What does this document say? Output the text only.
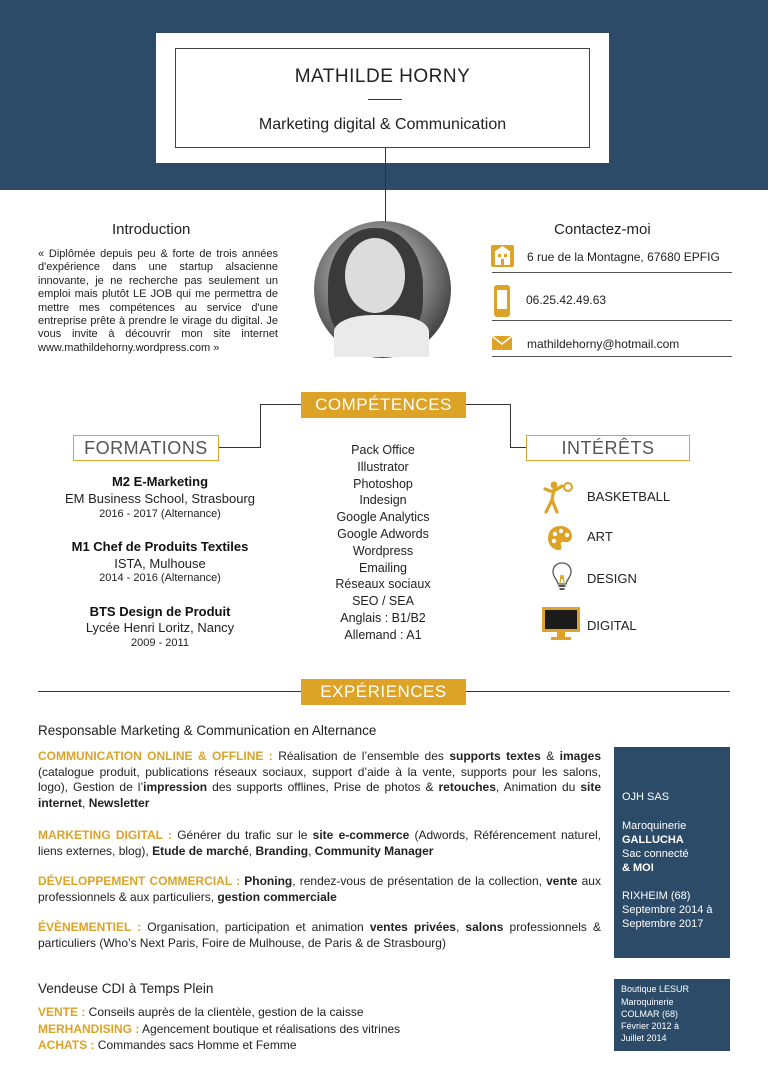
MATHILDE HORNY
Marketing digital & Communication
Introduction
« Diplômée depuis peu & forte de trois années d'expérience dans une startup alsacienne innovante, je ne recherche pas seulement un emploi mais plutôt LE JOB qui me permettra de mettre mes compétences au service d'une entreprise prête à prendre le virage du digital. Je vous invite à découvrir mon site internet www.mathildehorny.wordpress.com »
Contactez-moi
6 rue de la Montagne, 67680 EPFIG
06.25.42.49.63
mathildehorny@hotmail.com
COMPÉTENCES
Pack Office
Illustrator
Photoshop
Indesign
Google Analytics
Google Adwords
Wordpress
Emailing
Réseaux sociaux
SEO / SEA
Anglais : B1/B2
Allemand : A1
FORMATIONS
M2 E-Marketing
EM Business School, Strasbourg
2016 - 2017 (Alternance)
M1 Chef de Produits Textiles
ISTA, Mulhouse
2014 - 2016 (Alternance)
BTS Design de Produit
Lycée Henri Loritz, Nancy
2009 - 2011
INTÉRÊTS
BASKETBALL
ART
DESIGN
DIGITAL
EXPÉRIENCES
Responsable Marketing & Communication en Alternance
COMMUNICATION ONLINE & OFFLINE : Réalisation de l’ensemble des supports textes & images (catalogue produit, publications réseaux sociaux, support d’aide à la vente, supports pour les salons, logo), Gestion de l’impression des supports offlines, Prise de photos & retouches, Animation du site internet, Newsletter
MARKETING DIGITAL : Générer du trafic sur le site e-commerce (Adwords, Référencement naturel, liens externes, blog), Etude de marché, Branding, Community Manager
DÉVELOPPEMENT COMMERCIAL : Phoning, rendez-vous de présentation de la collection, vente aux professionnels & aux particuliers, gestion commerciale
ÉVÈNEMENTIEL : Organisation, participation et animation ventes privées, salons professionnels & particuliers (Who’s Next Paris, Foire de Mulhouse, de Paris & de Strasbourg)
OJH SAS
Maroquinerie
GALLUCHA
Sac connecté
& MOI
RIXHEIM (68)
Septembre 2014 à
Septembre 2017
Vendeuse CDI à Temps Plein
VENTE : Conseils auprès de la clientèle, gestion de la caisse
MERHANDISING : Agencement boutique et réalisations des vitrines
ACHATS : Commandes sacs Homme et Femme
Boutique LESUR
Maroquinerie
COLMAR (68)
Février 2012 à
Juillet 2014
